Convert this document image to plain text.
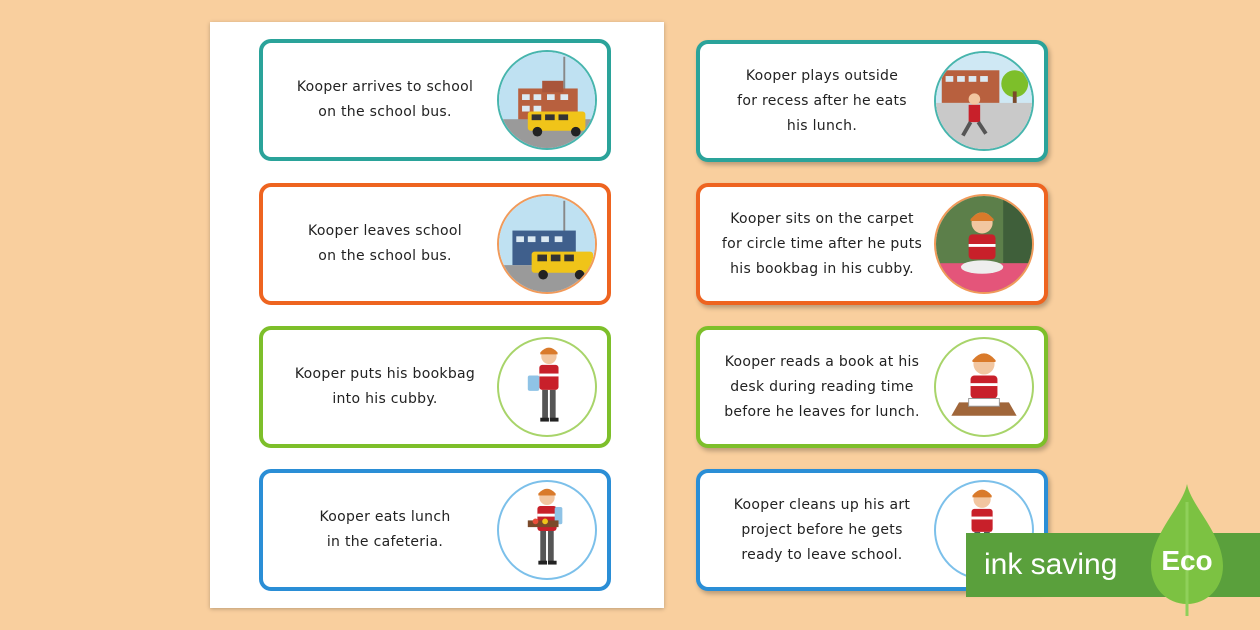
Kooper arrives to school
on the school bus.
Kooper leaves school
on the school bus.
Kooper puts his bookbag
into his cubby.
Kooper eats lunch
in the cafeteria.
Kooper plays outside
for recess after he eats
his lunch.
Kooper sits on the carpet
for circle time after he puts
his bookbag in his cubby.
Kooper reads a book at his
desk during reading time
before he leaves for lunch.
Kooper cleans up his art
project before he gets
ready to leave school.	ink saving	Eco
